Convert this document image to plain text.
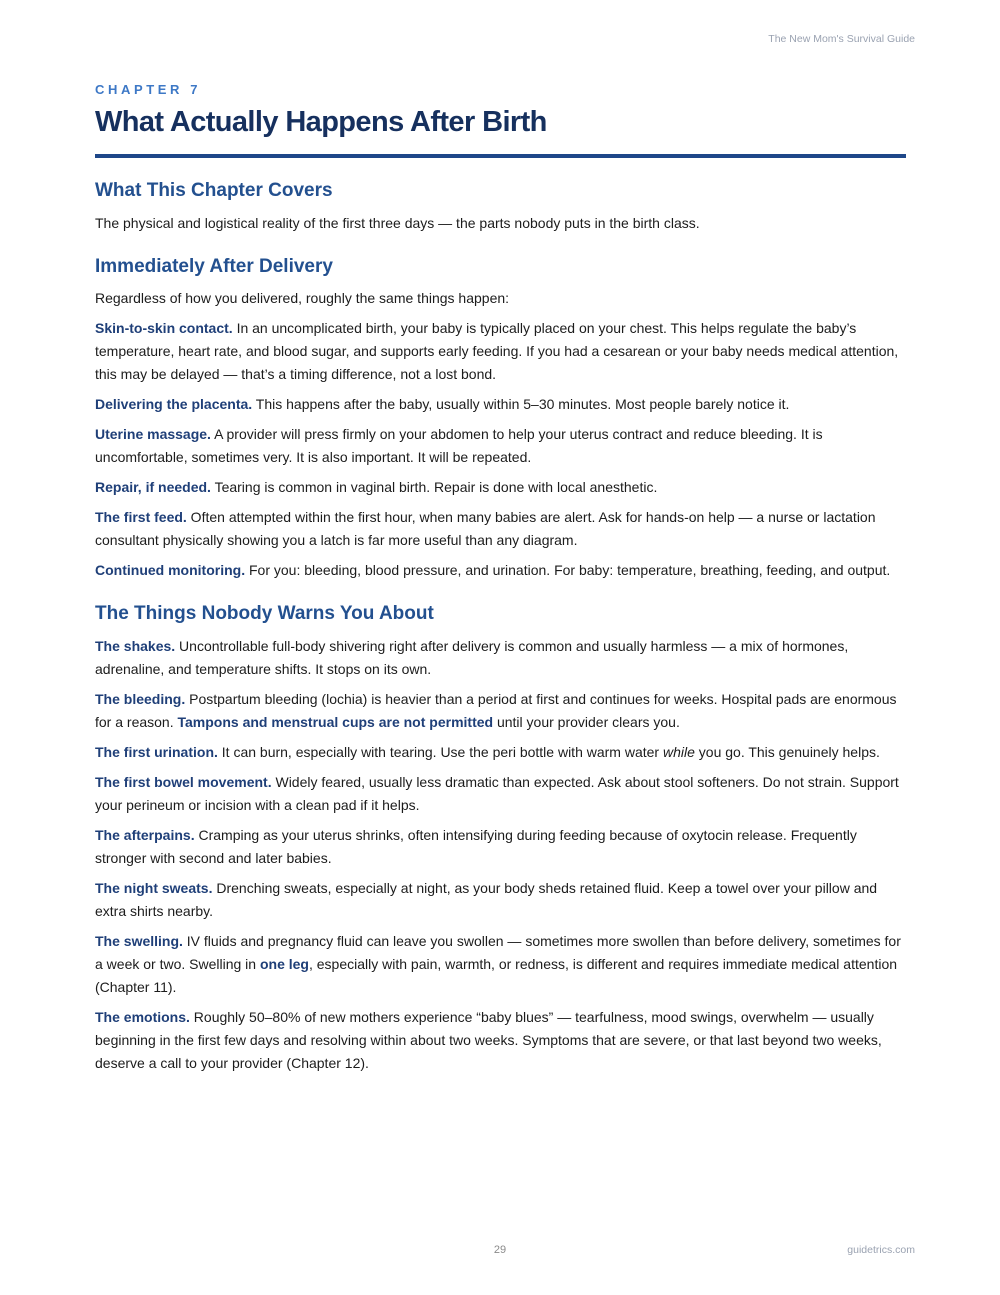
The New Mom's Survival Guide

CHAPTER 7

What Actually Happens After Birth
What This Chapter Covers

The physical and logistical reality of the first three days — the parts nobody puts in the birth class.

Immediately After Delivery

Regardless of how you delivered, roughly the same things happen:

Skin-to-skin contact. In an uncomplicated birth, your baby is typically placed on your chest. This helps regulate the baby’s temperature, heart rate, and blood sugar, and supports early feeding. If you had a cesarean or your baby needs medical attention, this may be delayed — that’s a timing difference, not a lost bond.

Delivering the placenta. This happens after the baby, usually within 5–30 minutes. Most people barely notice it.

Uterine massage. A provider will press firmly on your abdomen to help your uterus contract and reduce bleeding. It is uncomfortable, sometimes very. It is also important. It will be repeated.

Repair, if needed. Tearing is common in vaginal birth. Repair is done with local anesthetic.

The first feed. Often attempted within the first hour, when many babies are alert. Ask for hands-on help — a nurse or lactation consultant physically showing you a latch is far more useful than any diagram.

Continued monitoring. For you: bleeding, blood pressure, and urination. For baby: temperature, breathing, feeding, and output.

The Things Nobody Warns You About

The shakes. Uncontrollable full-body shivering right after delivery is common and usually harmless — a mix of hormones, adrenaline, and temperature shifts. It stops on its own.

The bleeding. Postpartum bleeding (lochia) is heavier than a period at first and continues for weeks. Hospital pads are enormous for a reason. Tampons and menstrual cups are not permitted until your provider clears you.

The first urination. It can burn, especially with tearing. Use the peri bottle with warm water while you go. This genuinely helps.

The first bowel movement. Widely feared, usually less dramatic than expected. Ask about stool softeners. Do not strain. Support your perineum or incision with a clean pad if it helps.

The afterpains. Cramping as your uterus shrinks, often intensifying during feeding because of oxytocin release. Frequently stronger with second and later babies.

The night sweats. Drenching sweats, especially at night, as your body sheds retained fluid. Keep a towel over your pillow and extra shirts nearby.

The swelling. IV fluids and pregnancy fluid can leave you swollen — sometimes more swollen than before delivery, sometimes for a week or two. Swelling in one leg, especially with pain, warmth, or redness, is different and requires immediate medical attention (Chapter 11).

The emotions. Roughly 50–80% of new mothers experience “baby blues” — tearfulness, mood swings, overwhelm — usually beginning in the first few days and resolving within about two weeks. Symptoms that are severe, or that last beyond two weeks, deserve a call to your provider (Chapter 12).

29	guidetrics.com
